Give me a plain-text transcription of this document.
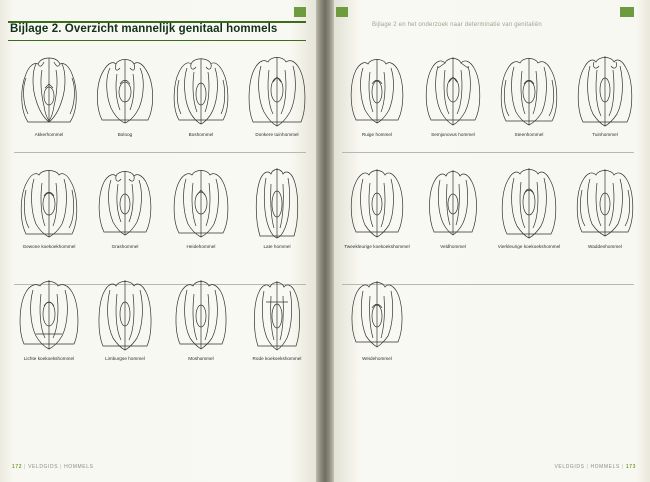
Bijlage 2. Overzicht mannelijk genitaal hommels	Bijlage 2 en het onderzoek naar determinatie van genitaliën
Akkerhommel	Boloog	Boshommel	Donkere tuinhommel
Gewone koekoekhommel	Grashommel	Heidehommel	Late hommel
Lichte koekoekshommel	Limburgse hommel	Moshommel	Rode koekoekshommel
Ruige hommel	Semjonovus hommel	Steenhommel	Tuinhommel
Tweekleurige koekoekshommel	Veldhommel	Vierkleurige koekoekshommel	Waddenhommel
Weidehommel
172 | VELDGIDS | HOMMELS	VELDGIDS | HOMMELS | 173
